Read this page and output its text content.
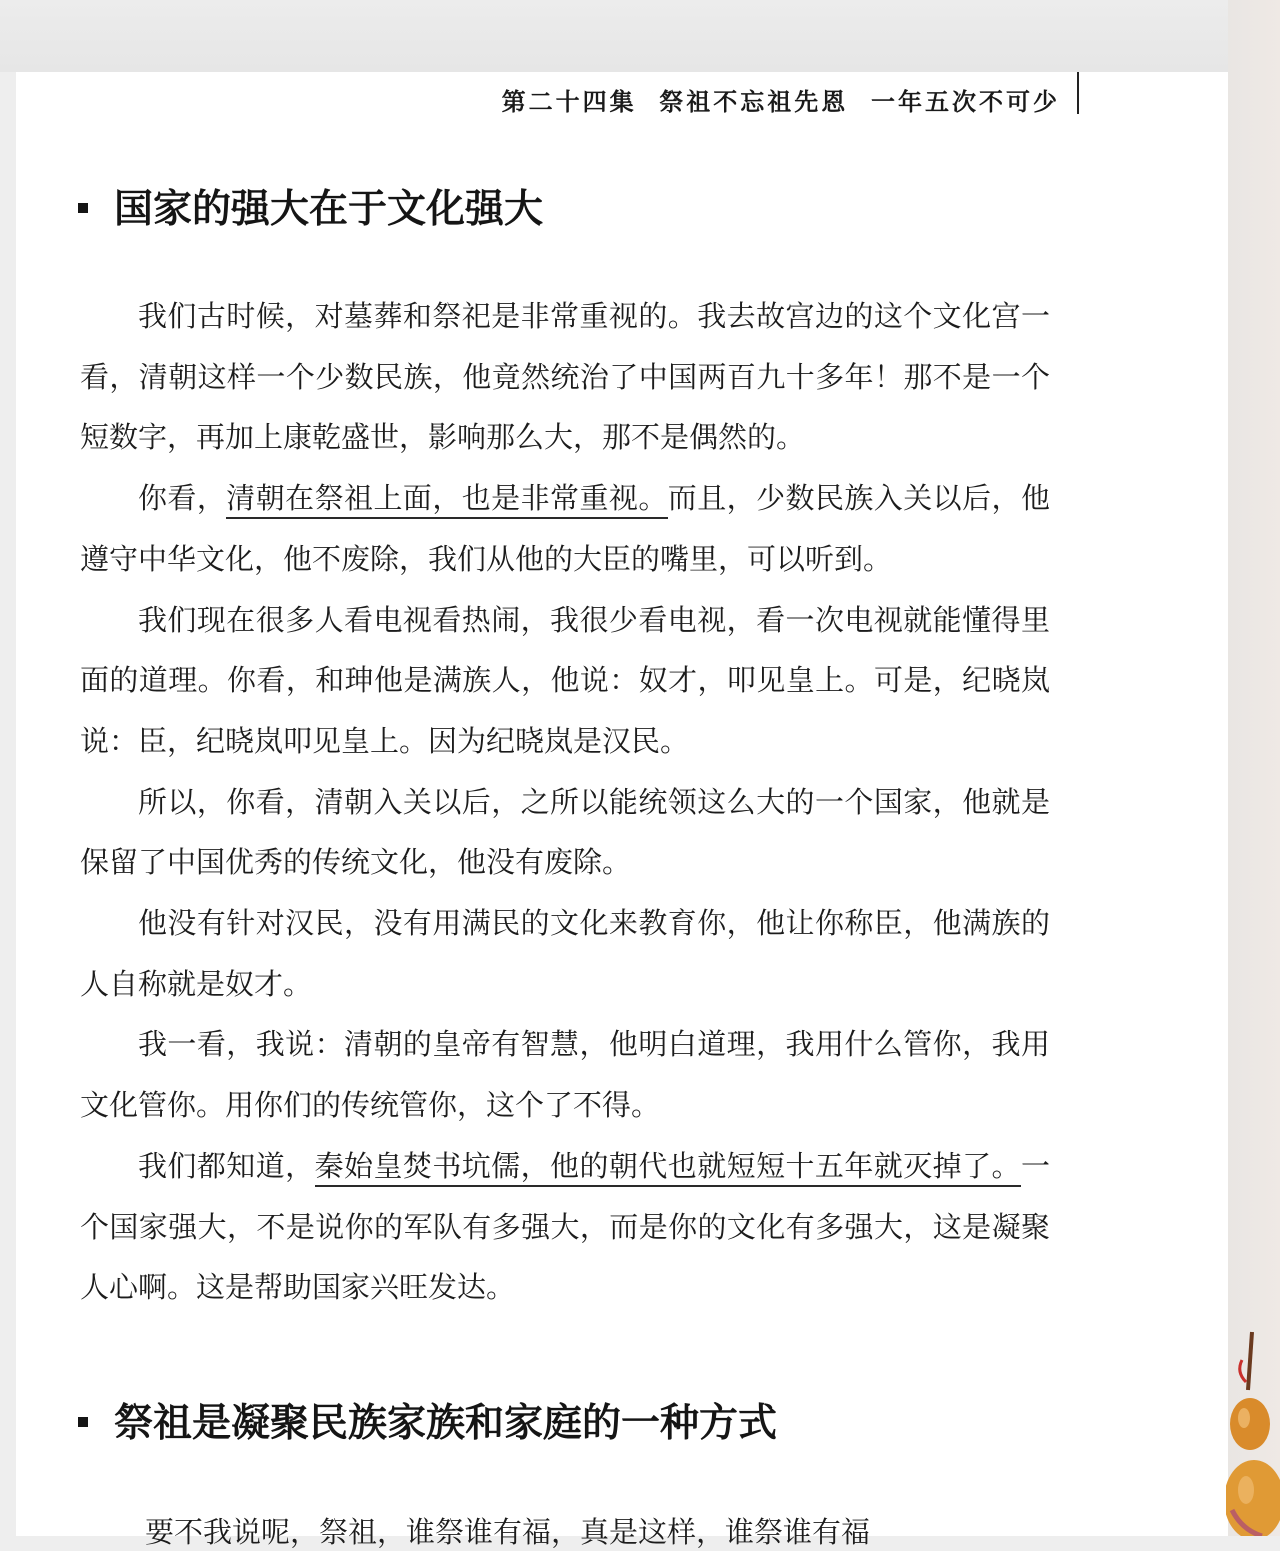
第二十四集  祭祖不忘祖先恩  一年五次不可少
国家的强大在于文化强大

我们古时候，对墓葬和祭祀是非常重视的。我去故宫边的这个文化宫一看，清朝这样一个少数民族，他竟然统治了中国两百九十多年！那不是一个短数字，再加上康乾盛世，影响那么大，那不是偶然的。

你看，清朝在祭祖上面，也是非常重视。而且，少数民族入关以后，他遵守中华文化，他不废除，我们从他的大臣的嘴里，可以听到。

我们现在很多人看电视看热闹，我很少看电视，看一次电视就能懂得里面的道理。你看，和珅他是满族人，他说：奴才，叩见皇上。可是，纪晓岚说：臣，纪晓岚叩见皇上。因为纪晓岚是汉民。

所以，你看，清朝入关以后，之所以能统领这么大的一个国家，他就是保留了中国优秀的传统文化，他没有废除。

他没有针对汉民，没有用满民的文化来教育你，他让你称臣，他满族的人自称就是奴才。

我一看，我说：清朝的皇帝有智慧，他明白道理，我用什么管你，我用文化管你。用你们的传统管你，这个了不得。

我们都知道，秦始皇焚书坑儒，他的朝代也就短短十五年就灭掉了。一个国家强大，不是说你的军队有多强大，而是你的文化有多强大，这是凝聚人心啊。这是帮助国家兴旺发达。

祭祖是凝聚民族家族和家庭的一种方式
要不我说呢，祭祖，谁祭谁有福，真是这样，谁祭谁有福
